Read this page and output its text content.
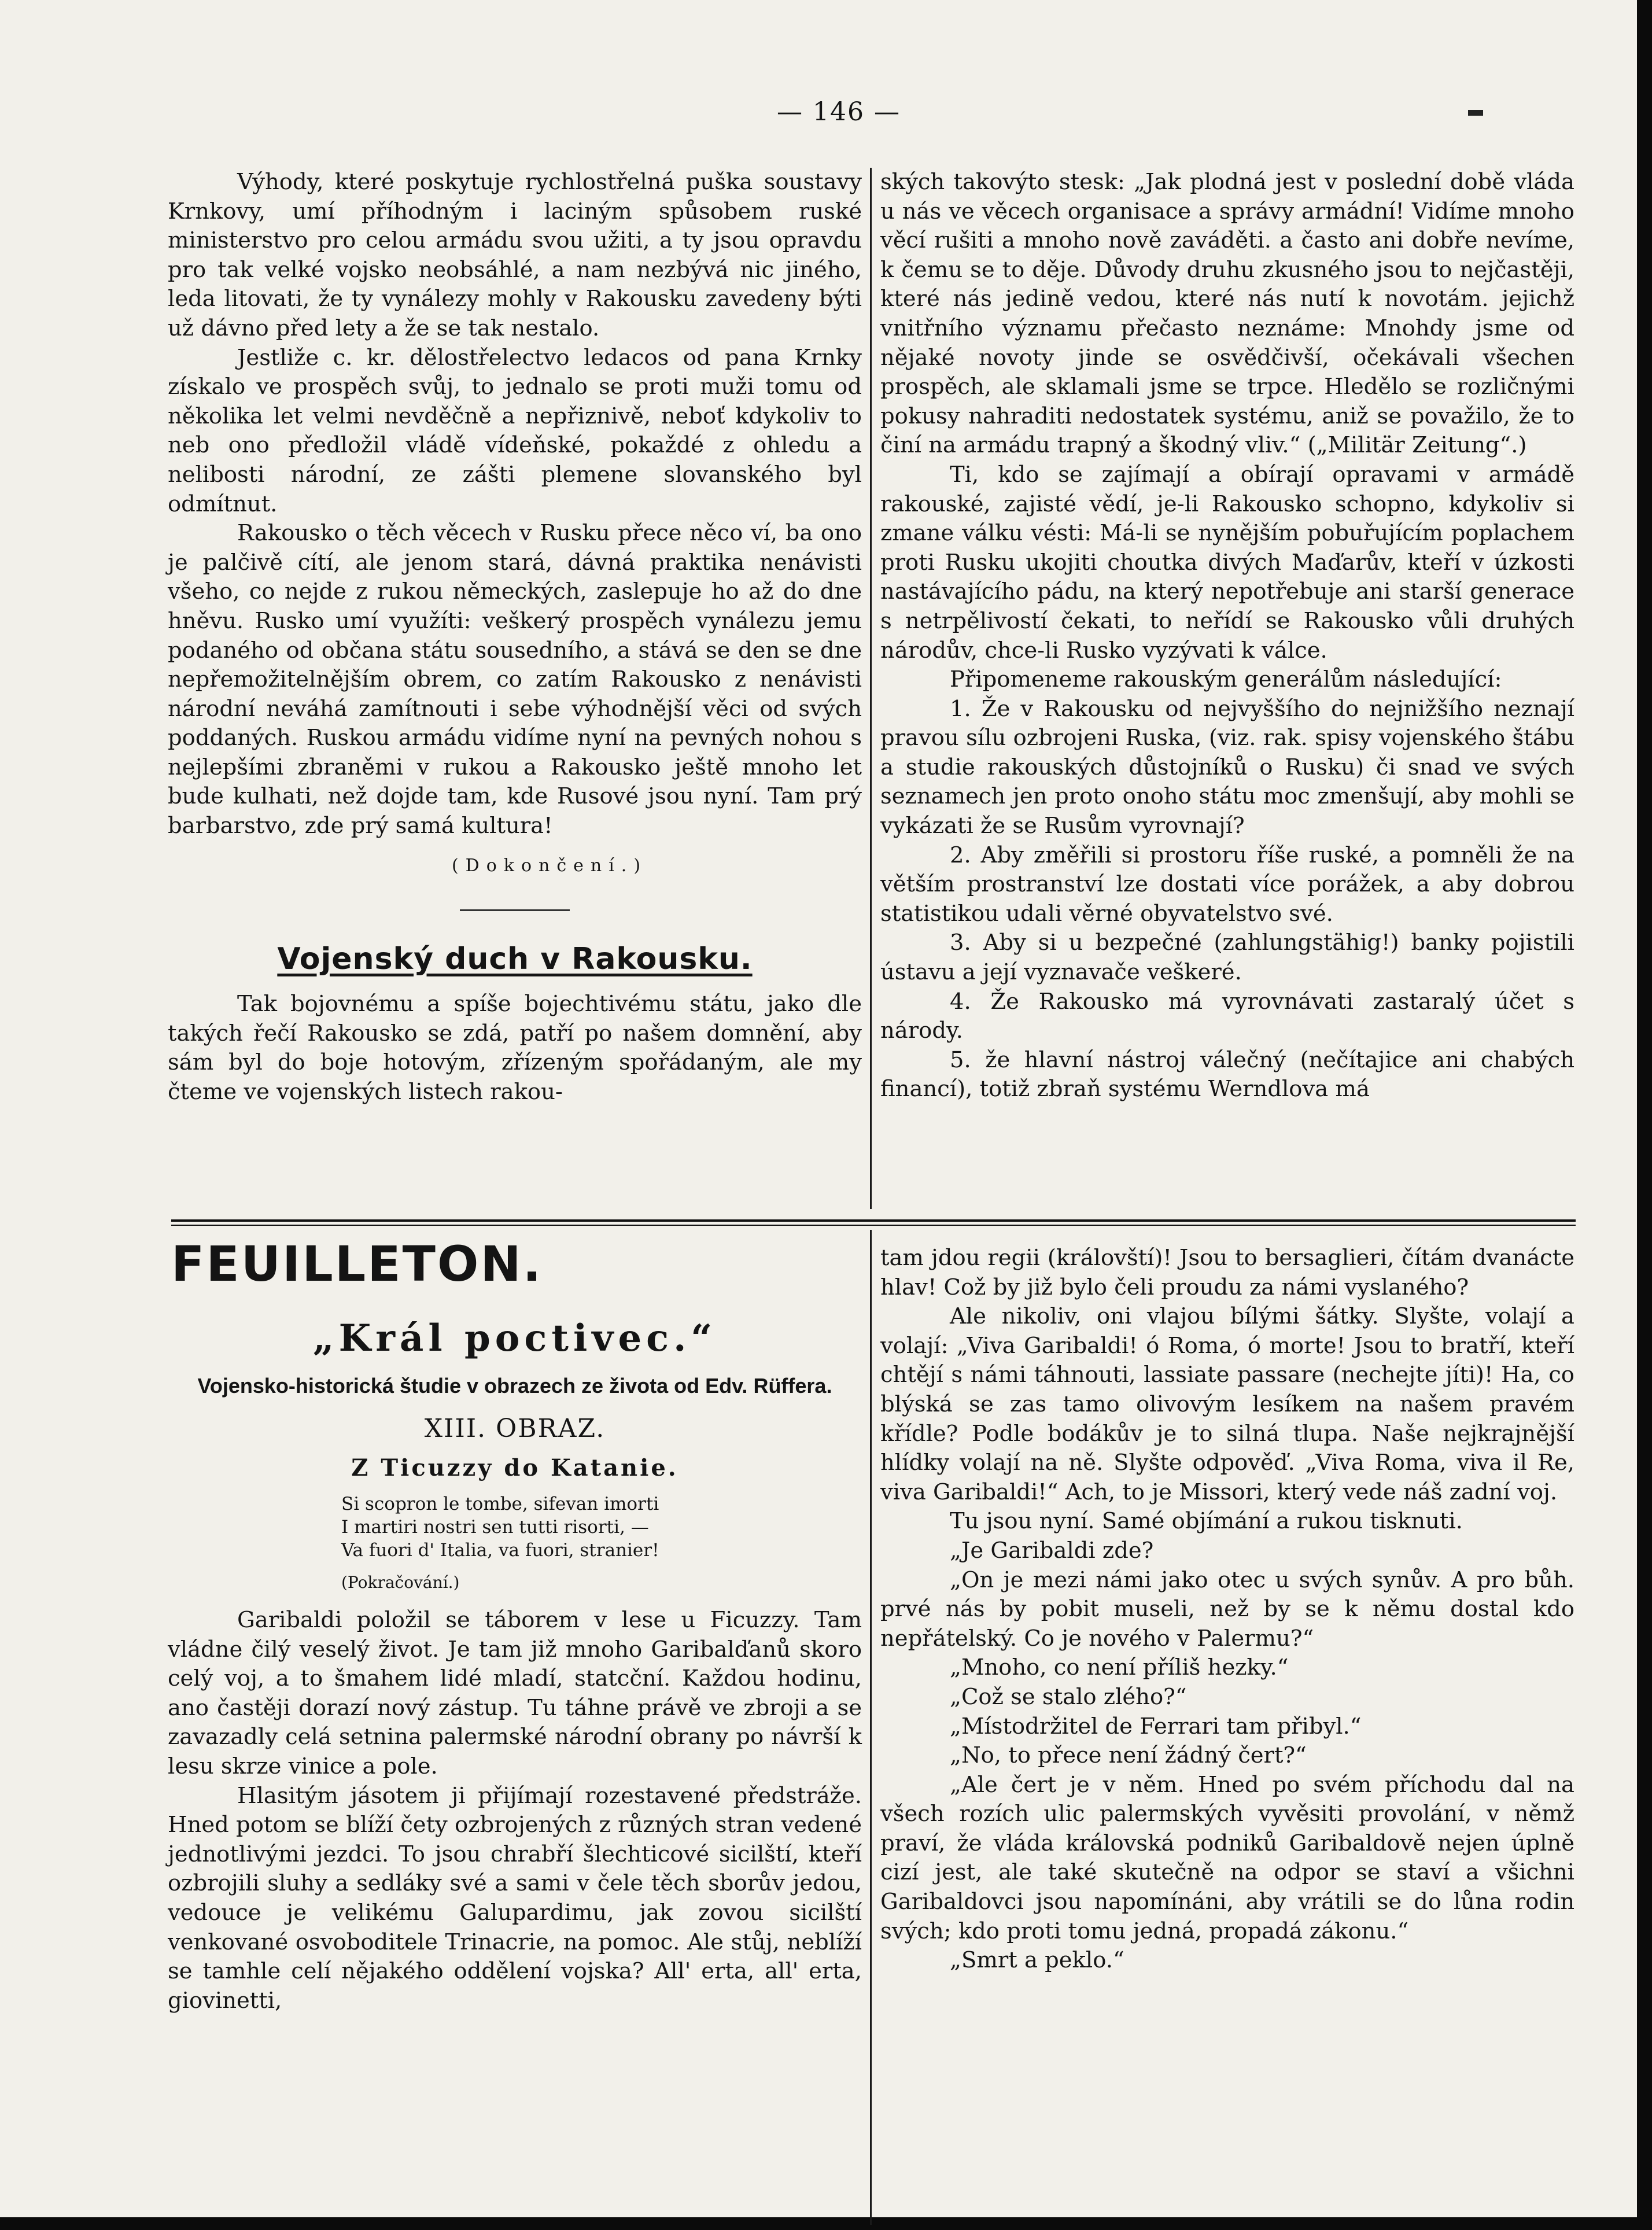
— 146 —

Výhody, které poskytuje rychlostřelná puška soustavy Krnkovy, umí příhodným i laciným spůsobem ruské ministerstvo pro celou armádu svou užiti, a ty jsou opravdu pro tak velké vojsko neobsáhlé, a nam nezbývá nic jiného, leda litovati, že ty vynálezy mohly v Rakousku zavedeny býti už dávno před lety a že se tak nestalo.

Jestliže c. kr. dělostřelectvo ledacos od pana Krnky získalo ve prospěch svůj, to jednalo se proti muži tomu od několika let velmi nevděčně a nepřiznivě, neboť kdykoliv to neb ono předložil vládě vídeňské, pokaždé z ohledu a nelibosti národní, ze zášti plemene slovanského byl odmítnut.

Rakousko o těch věcech v Rusku přece něco ví, ba ono je palčivě cítí, ale jenom stará, dávná praktika nenávisti všeho, co nejde z rukou německých, zaslepuje ho až do dne hněvu. Rusko umí využíti: veškerý prospěch vynálezu jemu podaného od občana státu sousedního, a stává se den se dne nepřemožitelnějším obrem, co zatím Rakousko z nenávisti národní neváhá zamítnouti i sebe výhodnější věci od svých poddaných. Ruskou armádu vidíme nyní na pevných nohou s nejlepšími zbraněmi v rukou a Rakousko ještě mnoho let bude kulhati, než dojde tam, kde Rusové jsou nyní. Tam prý barbarstvo, zde prý samá kultura!

(Dokončení.)

Vojenský duch v Rakousku.

Tak bojovnému a spíše bojechtivému státu, jako dle takých řečí Rakousko se zdá, patří po našem domnění, aby sám byl do boje hotovým, zřízeným spořádaným, ale my čteme ve vojenských listech rakou-

ských takovýto stesk: „Jak plodná jest v poslední době vláda u nás ve věcech organisace a správy armádní! Vidíme mnoho věcí rušiti a mnoho nově zaváděti. a často ani dobře nevíme, k čemu se to děje. Důvody druhu zkusného jsou to nejčastěji, které nás jedině vedou, které nás nutí k novotám. jejichž vnitřního významu přečasto neznáme: Mnohdy jsme od nějaké novoty jinde se osvědčivší, očekávali všechen prospěch, ale sklamali jsme se trpce. Hledělo se rozličnými pokusy nahraditi nedostatek systému, aniž se považilo, že to činí na armádu trapný a škodný vliv.“ („Militär Zeitung“.)

Ti, kdo se zajímají a obírají opravami v armádě rakouské, zajisté vědí, je-li Rakousko schopno, kdykoliv si zmane válku vésti: Má-li se nynějším pobuřujícím poplachem proti Rusku ukojiti choutka divých Maďarův, kteří v úzkosti nastávajícího pádu, na který nepotřebuje ani starší generace s netrpělivostí čekati, to neřídí se Rakousko vůli druhých národův, chce-li Rusko vyzývati k válce.

Připomeneme rakouským generálům následující:

1. Že v Rakousku od nejvyššího do nejnižšího neznají pravou sílu ozbrojeni Ruska, (viz. rak. spisy vojenského štábu a studie rakouských důstojníků o Rusku) či snad ve svých seznamech jen proto onoho státu moc zmenšují, aby mohli se vykázati že se Rusům vyrovnají?

2. Aby změřili si prostoru říše ruské, a pomněli že na větším prostranství lze dostati více porážek, a aby dobrou statistikou udali věrné obyvatelstvo své.

3. Aby si u bezpečné (zahlungstähig!) banky pojistili ústavu a její vyznavače veškeré.

4. Že Rakousko má vyrovnávati zastaralý účet s národy.

5. že hlavní nástroj válečný (nečítajice ani chabých financí), totiž zbraň systému Werndlova má

FEUILLETON.
„Král poctivec.“
Vojensko-historická študie v obrazech ze života od Edv. Rüffera.
XIII. OBRAZ.
Z Ticuzzy do Katanie.
Si scopron le tombe, sifevan imorti
I martiri nostri sen tutti risorti, —
Va fuori d' Italia, va fuori, stranier!
(Pokračování.)

Garibaldi položil se táborem v lese u Ficuzzy. Tam vládne čilý veselý život. Je tam již mnoho Garibalďanů skoro celý voj, a to šmahem lidé mladí, statcční. Každou hodinu, ano častěji dorazí nový zástup. Tu táhne právě ve zbroji a se zavazadly celá setnina palermské národní obrany po návrší k lesu skrze vinice a pole.

Hlasitým jásotem ji přijímají rozestavené předstráže. Hned potom se blíží čety ozbrojených z různých stran vedené jednotlivými jezdci. To jsou chrabří šlechticové sicilští, kteří ozbrojili sluhy a sedláky své a sami v čele těch sborův jedou, vedouce je velikému Galupardimu, jak zovou sicilští venkované osvoboditele Trinacrie, na pomoc. Ale stůj, neblíží se tamhle celí nějakého oddělení vojska? All' erta, all' erta, giovinetti,

tam jdou regii (královští)! Jsou to bersaglieri, čítám dvanácte hlav! Což by již bylo čeli proudu za námi vyslaného?

Ale nikoliv, oni vlajou bílými šátky. Slyšte, volají a volají: „Viva Garibaldi! ó Roma, ó morte! Jsou to bratří, kteří chtějí s námi táhnouti, lassiate passare (nechejte jíti)! Ha, co blýská se zas tamo olivovým lesíkem na našem pravém křídle? Podle bodákův je to silná tlupa. Naše nejkrajnější hlídky volají na ně. Slyšte odpověď. „Viva Roma, viva il Re, viva Garibaldi!“ Ach, to je Missori, který vede náš zadní voj.

Tu jsou nyní. Samé objímání a rukou tisknuti.

„Je Garibaldi zde?

„On je mezi námi jako otec u svých synův. A pro bůh. prvé nás by pobit museli, než by se k němu dostal kdo nepřátelský. Co je nového v Palermu?“

„Mnoho, co není příliš hezky.“

„Což se stalo zlého?“

„Místodržitel de Ferrari tam přibyl.“

„No, to přece není žádný čert?“

„Ale čert je v něm. Hned po svém příchodu dal na všech rozích ulic palermských vyvěsiti provolání, v němž praví, že vláda královská podniků Garibaldově nejen úplně cizí jest, ale také skutečně na odpor se staví a všichni Garibaldovci jsou napomínáni, aby vrátili se do lůna rodin svých; kdo proti tomu jedná, propadá zákonu.“

„Smrt a peklo.“
